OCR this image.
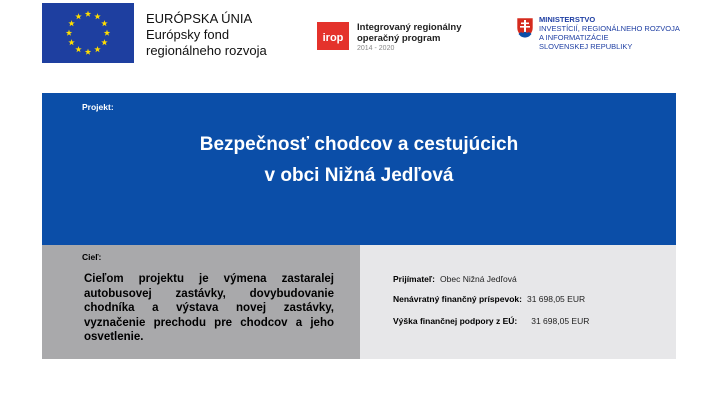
EURÓPSKA ÚNIA
Európsky fond
regionálneho rozvoja
irop
Integrovaný regionálny
operačný program
2014 - 2020
MINISTERSTVO
INVESTÍCIÍ, REGIONÁLNEHO ROZVOJA
A INFORMATIZÁCIE
SLOVENSKEJ REPUBLIKY
Projekt:
Bezpečnosť chodcov a cestujúcich
v obci Nižná Jedľová
Cieľ:
Cieľom projektu je výmena zastaralej autobusovej zastávky, dovybudovanie chodníka a výstava novej zastávky, vyznačenie prechodu pre chodcov a jeho osvetlenie.
Prijímateľ: Obec Nižná Jedľová
Nenávratný finančný príspevok: 31 698,05 EUR
Výška finančnej podpory z EÚ: 31 698,05 EUR
